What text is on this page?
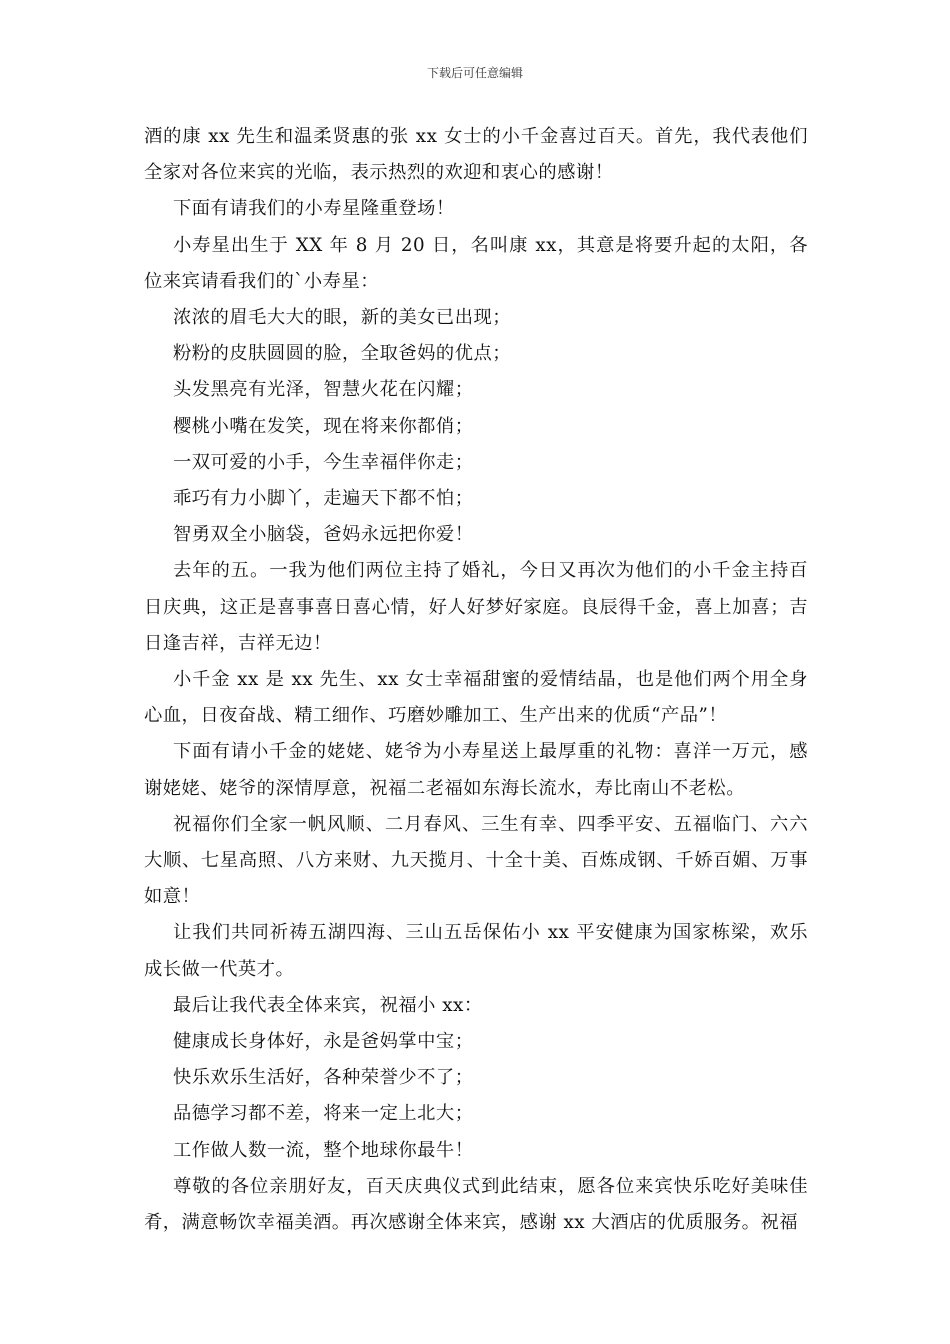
下载后可任意编辑

酒的康 xx 先生和温柔贤惠的张 xx 女士的小千金喜过百天。首先，我代表他们全家对各位来宾的光临，表示热烈的欢迎和衷心的感谢！

下面有请我们的小寿星隆重登场！

小寿星出生于 XX 年 8 月 20 日，名叫康 xx，其意是将要升起的太阳，各位来宾请看我们的`小寿星：

浓浓的眉毛大大的眼，新的美女已出现；

粉粉的皮肤圆圆的脸，全取爸妈的优点；

头发黑亮有光泽，智慧火花在闪耀；

樱桃小嘴在发笑，现在将来你都俏；

一双可爱的小手，今生幸福伴你走；

乖巧有力小脚丫，走遍天下都不怕；

智勇双全小脑袋，爸妈永远把你爱！

去年的五。一我为他们两位主持了婚礼，今日又再次为他们的小千金主持百日庆典，这正是喜事喜日喜心情，好人好梦好家庭。良辰得千金，喜上加喜；吉日逢吉祥，吉祥无边！

小千金 xx 是 xx 先生、xx 女士幸福甜蜜的爱情结晶，也是他们两个用全身心血，日夜奋战、精工细作、巧磨妙雕加工、生产出来的优质“产品”！

下面有请小千金的姥姥、姥爷为小寿星送上最厚重的礼物：喜洋一万元，感谢姥姥、姥爷的深情厚意，祝福二老福如东海长流水，寿比南山不老松。

祝福你们全家一帆风顺、二月春风、三生有幸、四季平安、五福临门、六六大顺、七星高照、八方来财、九天揽月、十全十美、百炼成钢、千娇百媚、万事如意！

让我们共同祈祷五湖四海、三山五岳保佑小 xx 平安健康为国家栋梁，欢乐成长做一代英才。

最后让我代表全体来宾，祝福小 xx：

健康成长身体好，永是爸妈掌中宝；

快乐欢乐生活好，各种荣誉少不了；

品德学习都不差，将来一定上北大；

工作做人数一流，整个地球你最牛！

尊敬的各位亲朋好友，百天庆典仪式到此结束，愿各位来宾快乐吃好美味佳肴，满意畅饮幸福美酒。再次感谢全体来宾，感谢 xx 大酒店的优质服务。祝福
